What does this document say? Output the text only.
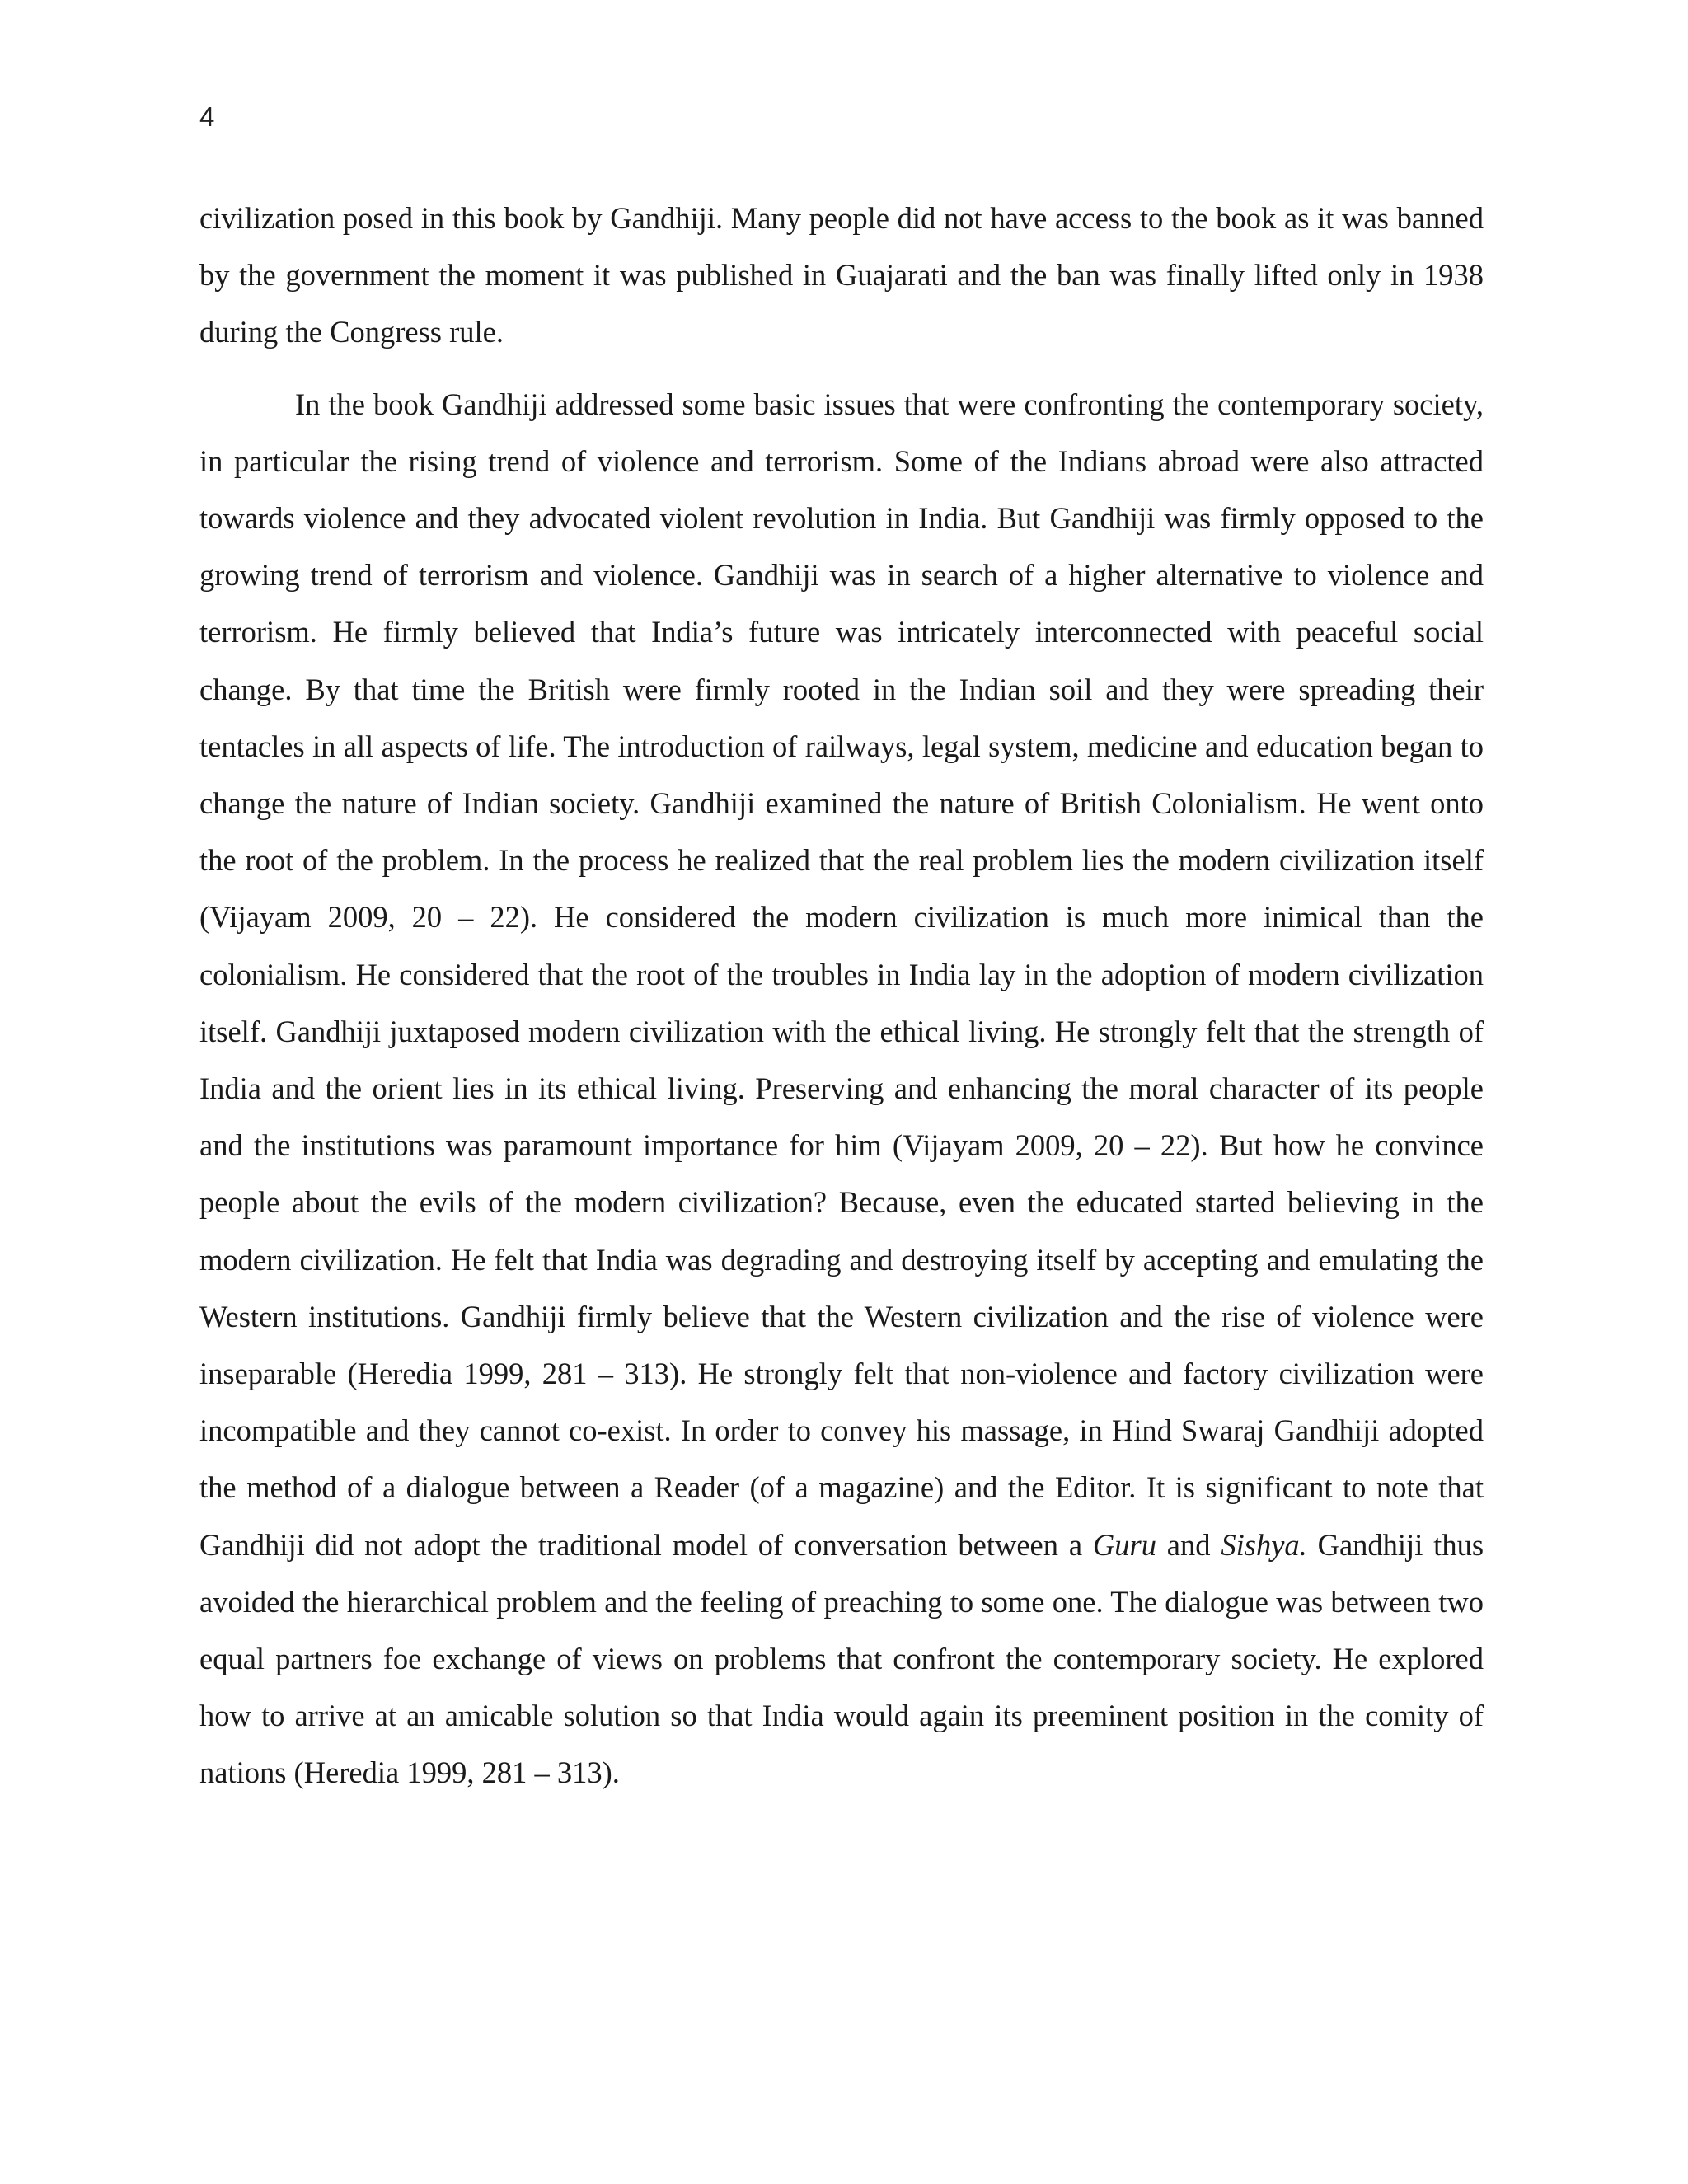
4

civilization posed in this book by Gandhiji. Many people did not have access to the book as it was banned by the government the moment it was published in Guajarati and the ban was finally lifted only in 1938 during the Congress rule.

In the book Gandhiji addressed some basic issues that were confronting the contemporary society, in particular the rising trend of violence and terrorism. Some of the Indians abroad were also attracted towards violence and they advocated violent revolution in India. But Gandhiji was firmly opposed to the growing trend of terrorism and violence. Gandhiji was in search of a higher alternative to violence and terrorism. He firmly believed that India’s future was intricately interconnected with peaceful social change. By that time the British were firmly rooted in the Indian soil and they were spreading their tentacles in all aspects of life. The introduction of railways, legal system, medicine and education began to change the nature of Indian society. Gandhiji examined the nature of British Colonialism. He went onto the root of the problem. In the process he realized that the real problem lies the modern civilization itself (Vijayam 2009, 20 – 22). He considered the modern civilization is much more inimical than the colonialism. He considered that the root of the troubles in India lay in the adoption of modern civilization itself. Gandhiji juxtaposed modern civilization with the ethical living. He strongly felt that the strength of India and the orient lies in its ethical living. Preserving and enhancing the moral character of its people and the institutions was paramount importance for him (Vijayam 2009, 20 – 22). But how he convince people about the evils of the modern civilization? Because, even the educated started believing in the modern civilization. He felt that India was degrading and destroying itself by accepting and emulating the Western institutions. Gandhiji firmly believe that the Western civilization and the rise of violence were inseparable (Heredia 1999, 281 – 313). He strongly felt that non-violence and factory civilization were incompatible and they cannot co-exist. In order to convey his massage, in Hind Swaraj Gandhiji adopted the method of a dialogue between a Reader (of a magazine) and the Editor. It is significant to note that Gandhiji did not adopt the traditional model of conversation between a Guru and Sishya. Gandhiji thus avoided the hierarchical problem and the feeling of preaching to some one. The dialogue was between two equal partners foe exchange of views on problems that confront the contemporary society. He explored how to arrive at an amicable solution so that India would again its preeminent position in the comity of nations (Heredia 1999, 281 – 313).
